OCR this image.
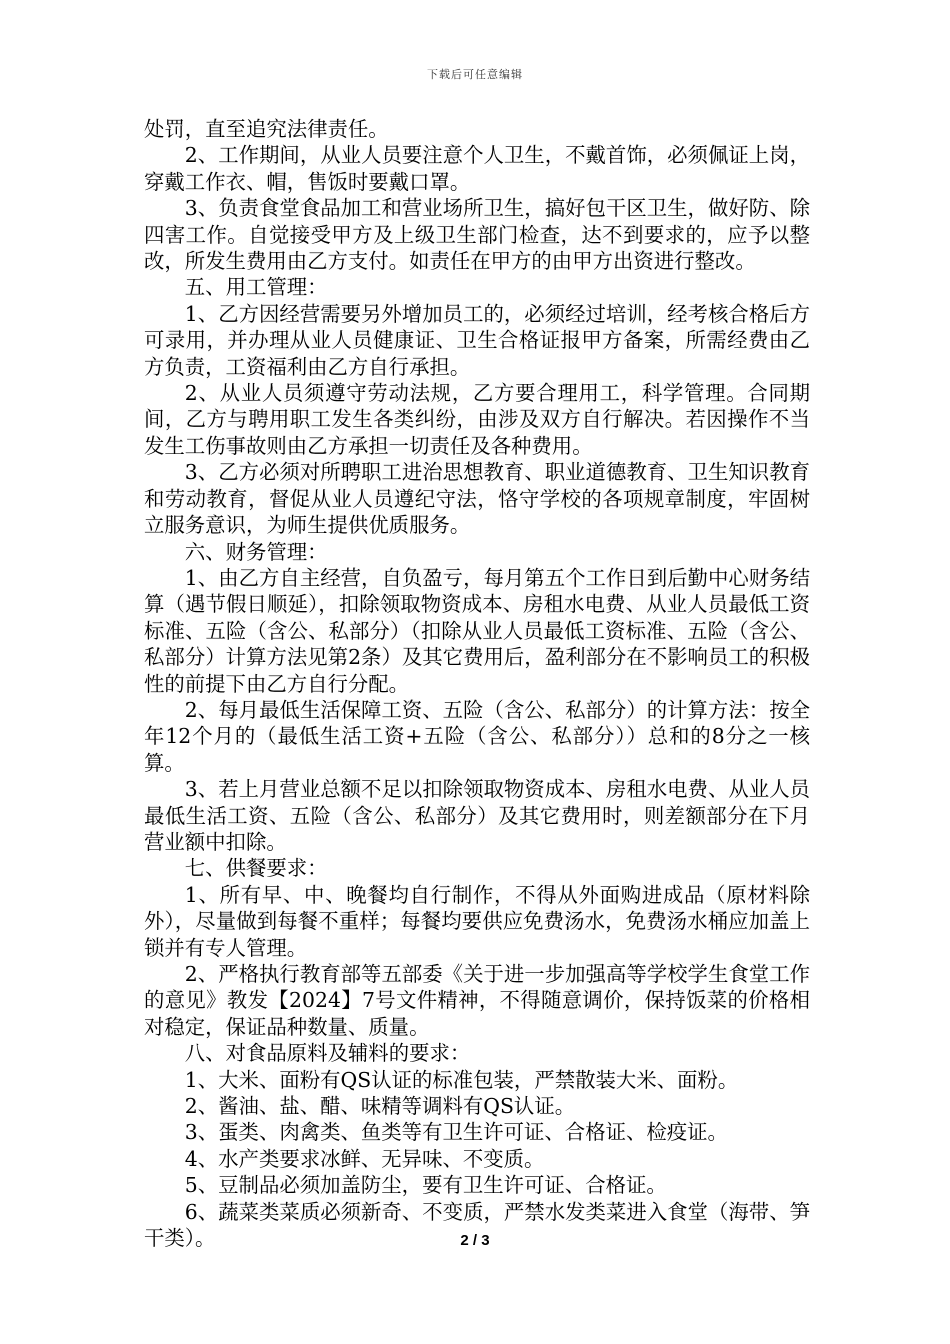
下载后可任意编辑

处罚，直至追究法律责任。

2、工作期间，从业人员要注意个人卫生，不戴首饰，必须佩证上岗，穿戴工作衣、帽，售饭时要戴口罩。

3、负责食堂食品加工和营业场所卫生，搞好包干区卫生，做好防、除四害工作。自觉接受甲方及上级卫生部门检查，达不到要求的，应予以整改，所发生费用由乙方支付。如责任在甲方的由甲方出资进行整改。

五、用工管理：

1、乙方因经营需要另外增加员工的，必须经过培训，经考核合格后方可录用，并办理从业人员健康证、卫生合格证报甲方备案，所需经费由乙方负责，工资福利由乙方自行承担。

2、从业人员须遵守劳动法规，乙方要合理用工，科学管理。合同期间，乙方与聘用职工发生各类纠纷，由涉及双方自行解决。若因操作不当发生工伤事故则由乙方承担一切责任及各种费用。

3、乙方必须对所聘职工进治思想教育、职业道德教育、卫生知识教育和劳动教育，督促从业人员遵纪守法，恪守学校的各项规章制度，牢固树立服务意识，为师生提供优质服务。

六、财务管理：

1、由乙方自主经营，自负盈亏，每月第五个工作日到后勤中心财务结算（遇节假日顺延），扣除领取物资成本、房租水电费、从业人员最低工资标准、五险（含公、私部分）（扣除从业人员最低工资标准、五险（含公、私部分）计算方法见第2条）及其它费用后，盈利部分在不影响员工的积极性的前提下由乙方自行分配。

2、每月最低生活保障工资、五险（含公、私部分）的计算方法：按全年12个月的（最低生活工资+五险（含公、私部分））总和的8分之一核算。

3、若上月营业总额不足以扣除领取物资成本、房租水电费、从业人员最低生活工资、五险（含公、私部分）及其它费用时，则差额部分在下月营业额中扣除。

七、供餐要求：

1、所有早、中、晚餐均自行制作，不得从外面购进成品（原材料除外），尽量做到每餐不重样；每餐均要供应免费汤水，免费汤水桶应加盖上锁并有专人管理。

2、严格执行教育部等五部委《关于进一步加强高等学校学生食堂工作的意见》教发【2024】7号文件精神，不得随意调价，保持饭菜的价格相对稳定，保证品种数量、质量。

八、对食品原料及辅料的要求：

1、大米、面粉有QS认证的标准包装，严禁散装大米、面粉。

2、酱油、盐、醋、味精等调料有QS认证。

3、蛋类、肉禽类、鱼类等有卫生许可证、合格证、检疫证。

4、水产类要求冰鲜、无异味、不变质。

5、豆制品必须加盖防尘，要有卫生许可证、合格证。

6、蔬菜类菜质必须新奇、不变质，严禁水发类菜进入食堂（海带、笋干类）。	2 / 3
